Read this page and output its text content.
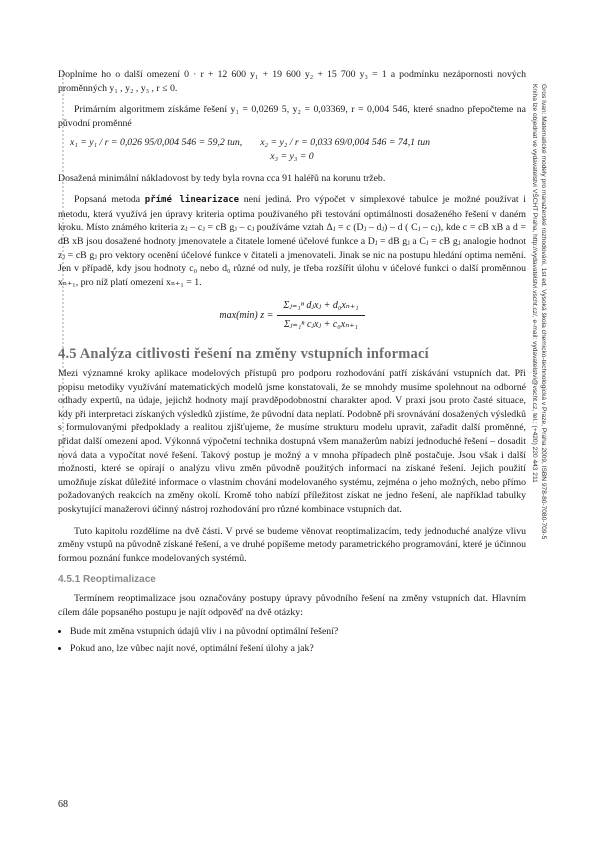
Doplníme ho o další omezení 0 · r + 12 600 y₁ + 19 600 y₂ + 15 700 y₃ = 1 a podmínku nezápornosti nových proměnných y₁ , y₂ , y₃ , r ≤ 0.

Primárním algoritmem získáme řešení y₁ = 0,0269 5, y₂ = 0,03369, r = 0,004 546, které snadno přepočteme na původní proměnné

x₁ = y₁ / r = 0,026 95/0,004 546 = 59,2 tun, x₂ = y₂ / r = 0,033 69/0,004 546 = 74,1 tun
x₃ = y₃ = 0

Dosažená minimální nákladovost by tedy byla rovna cca 91 haléřů na korunu tržeb.

Popsaná metoda přímé linearizace není jediná. Pro výpočet v simplexové tabulce je možné používat i metodu, která využívá jen úpravy kriteria optima používaného při testování optimálnosti dosaženého řešení v daném kroku. Místo známého kriteria zⱼ – cⱼ = cB gⱼ – cⱼ používáme vztah Δⱼ = c (Dⱼ – dⱼ) – d ( Cⱼ – cⱼ), kde c = cB xB a d = dB xB jsou dosažené hodnoty jmenovatele a čitatele lomené účelové funkce a Dⱼ = dB gⱼ a Cⱼ = cB gⱼ analogie hodnot zⱼ = cB gⱼ pro vektory ocenění účelové funkce v čitateli a jmenovateli. Jinak se nic na postupu hledání optima nemění. Jen v případě, kdy jsou hodnoty c₀ nebo d₀ různé od nuly, je třeba rozšířit úlohu v účelové funkci o další proměnnou xₙ₊₁, pro níž platí omezení xₙ₊₁ = 1.

max(min) $z = \frac{\text{Σⱼ₌₁ⁿ dⱼxⱼ + d₀xₙ₊₁}}{\text{Σⱼ₌₁ⁿ cⱼxⱼ + c₀xₙ₊₁}}$
4.5 Analýza citlivosti řešení na změny vstupních informací

Mezi významné kroky aplikace modelových přístupů pro podporu rozhodování patří získávání vstupních dat. Při popisu metodiky využívání matematických modelů jsme konstatovali, že se mnohdy musíme spolehnout na odborné odhady expertů, na údaje, jejichž hodnoty mají pravděpodobnostní charakter apod. V praxi jsou proto časté situace, kdy při interpretaci získaných výsledků zjistíme, že původní data neplatí. Podobně při srovnávání dosažených výsledků s formulovanými předpoklady a realitou zjišťujeme, že musíme strukturu modelu upravit, zařadit další proměnné, přidat další omezení apod. Výkonná výpočetní technika dostupná všem manažerům nabízí jednoduché řešení – dosadit nová data a vypočítat nové řešení. Takový postup je možný a v mnoha případech plně postačuje. Jsou však i další možnosti, které se opírají o analýzu vlivu změn původně použitých informací na získané řešení. Jejich použití umožňuje získat důležité informace o vlastním chování modelovaného systému, zejména o jeho možných, nebo přímo požadovaných reakcích na změny okolí. Kromě toho nabízí příležitost získat ne jedno řešení, ale například tabulky poskytující manažerovi účinný nástroj rozhodování pro různé kombinace vstupních dat.

Tuto kapitolu rozdělíme na dvě části. V prvé se budeme věnovat reoptimalizacím, tedy jednoduché analýze vlivu změny vstupů na původně získané řešení, a ve druhé popíšeme metody parametrického programování, které je účinnou formou poznání funkce modelovaných systémů.

4.5.1 Reoptimalizace

Termínem reoptimalizace jsou označovány postupy úpravy původního řešení na změny vstupních dat. Hlavním cílem dále popsaného postupu je najít odpověď na dvě otázky:

• Bude mít změna vstupních údajů vliv i na původní optimální řešení?
• Pokud ano, lze vůbec najít nové, optimální řešení úlohy a jak?
68
Gros Ivan: Matematické modely pro manažerské rozhodování, 1st ed. Vysoká škola chemicko-technologická v Praze, Praha 2009, ISBN 978-80-7080-709-5
Kniha lze objednat ve vydavatelství VŠCHT Praha, http://vydavatelstvi.vscht.cz/, e-mail: vydavatelstvi@vscht.cz, tel.: (+420) 220 443 211
